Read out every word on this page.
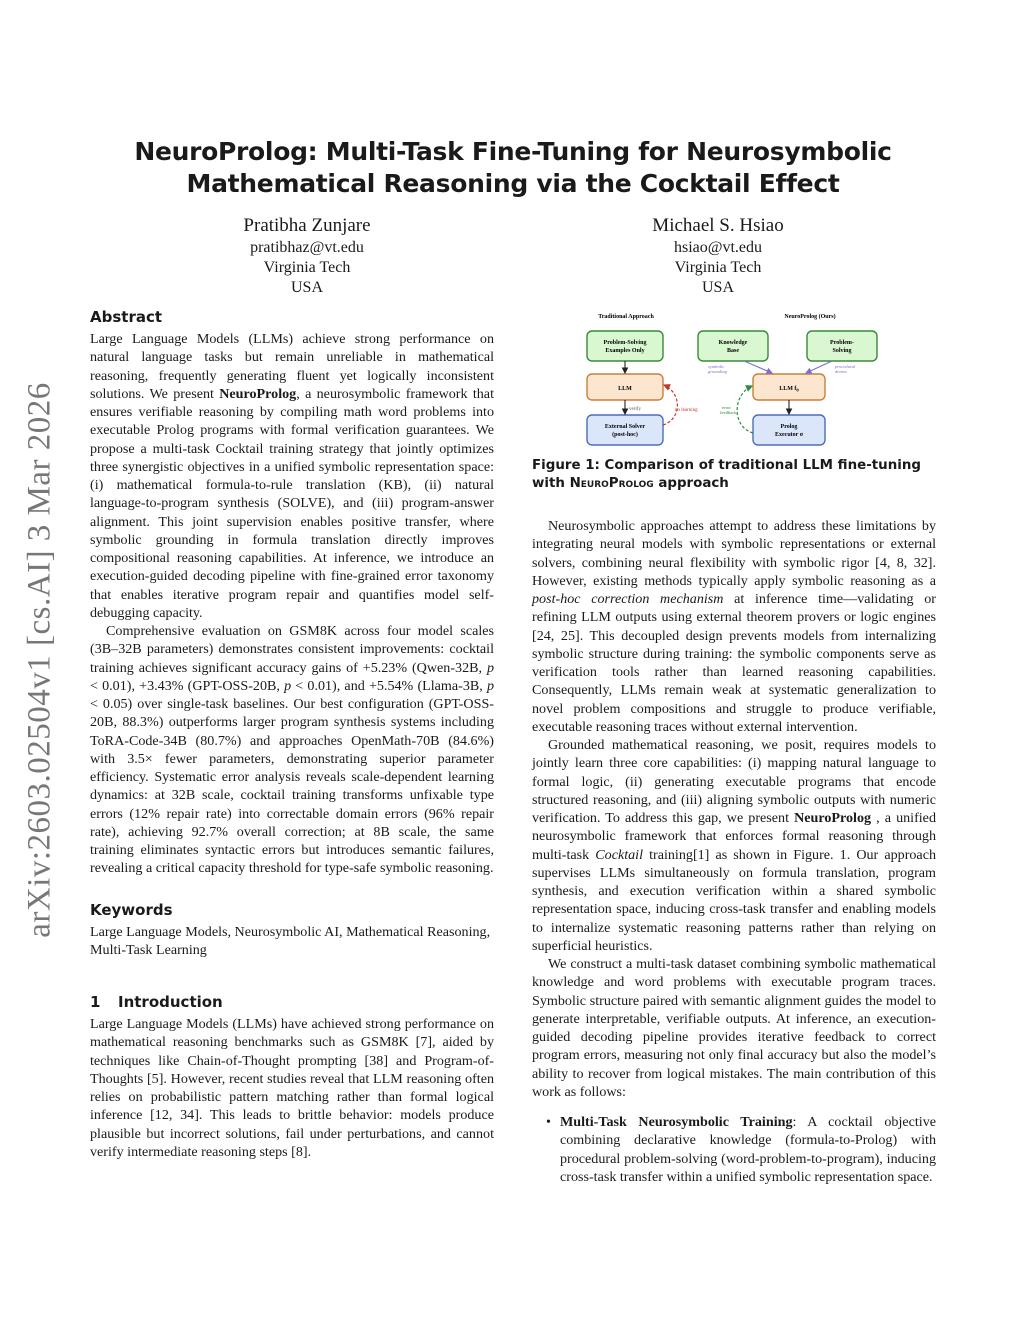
arXiv:2603.02504v1 [cs.AI] 3 Mar 2026
NeuroProlog: Multi-Task Fine-Tuning for Neurosymbolic
Mathematical Reasoning via the Cocktail Effect
Pratibha Zunjare
pratibhaz@vt.edu
Virginia Tech
USA
Michael S. Hsiao
hsiao@vt.edu
Virginia Tech
USA
Abstract

Large Language Models (LLMs) achieve strong performance on natural language tasks but remain unreliable in mathematical reasoning, frequently generating fluent yet logically inconsistent solutions. We present NeuroProlog, a neurosymbolic framework that ensures verifiable reasoning by compiling math word problems into executable Prolog programs with formal verification guarantees. We propose a multi-task Cocktail training strategy that jointly optimizes three synergistic objectives in a unified symbolic representation space: (i) mathematical formula-to-rule translation (KB), (ii) natural language-to-program synthesis (SOLVE), and (iii) program-answer alignment. This joint supervision enables positive transfer, where symbolic grounding in formula translation directly improves compositional reasoning capabilities. At inference, we introduce an execution-guided decoding pipeline with fine-grained error taxonomy that enables iterative program repair and quantifies model self-debugging capacity.

Comprehensive evaluation on GSM8K across four model scales (3B–32B parameters) demonstrates consistent improvements: cocktail training achieves significant accuracy gains of +5.23% (Qwen-32B, p < 0.01), +3.43% (GPT-OSS-20B, p < 0.01), and +5.54% (Llama-3B, p < 0.05) over single-task baselines. Our best configuration (GPT-OSS-20B, 88.3%) outperforms larger program synthesis systems including ToRA-Code-34B (80.7%) and approaches OpenMath-70B (84.6%) with 3.5× fewer parameters, demonstrating superior parameter efficiency. Systematic error analysis reveals scale-dependent learning dynamics: at 32B scale, cocktail training transforms unfixable type errors (12% repair rate) into correctable domain errors (96% repair rate), achieving 92.7% overall correction; at 8B scale, the same training eliminates syntactic errors but introduces semantic failures, revealing a critical capacity threshold for type-safe symbolic reasoning.

Keywords

Large Language Models, Neurosymbolic AI, Mathematical Reasoning, Multi-Task Learning

1 Introduction

Large Language Models (LLMs) have achieved strong performance on mathematical reasoning benchmarks such as GSM8K [7], aided by techniques like Chain-of-Thought prompting [38] and Program-of-Thoughts [5]. However, recent studies reveal that LLM reasoning often relies on probabilistic pattern matching rather than formal logical inference [12, 34]. This leads to brittle behavior: models produce plausible but incorrect solutions, fail under perturbations, and cannot verify intermediate reasoning steps [8].

Traditional Approach	NeuroProlog (Ours)
Problem-Solving
Examples Only
LLM
External Solver
(post-hoc)
verify	no learning
Knowledge
Base
Problem-
Solving
LLM $f_\theta$
Prolog
Executor σ
symbolic
grounding
procedural
demos
error
feedback
Figure 1: Comparison of traditional LLM fine-tuning with NeuroProlog approach

Neurosymbolic approaches attempt to address these limitations by integrating neural models with symbolic representations or external solvers, combining neural flexibility with symbolic rigor [4, 8, 32]. However, existing methods typically apply symbolic reasoning as a post-hoc correction mechanism at inference time—validating or refining LLM outputs using external theorem provers or logic engines [24, 25]. This decoupled design prevents models from internalizing symbolic structure during training: the symbolic components serve as verification tools rather than learned reasoning capabilities. Consequently, LLMs remain weak at systematic generalization to novel problem compositions and struggle to produce verifiable, executable reasoning traces without external intervention.

Grounded mathematical reasoning, we posit, requires models to jointly learn three core capabilities: (i) mapping natural language to formal logic, (ii) generating executable programs that encode structured reasoning, and (iii) aligning symbolic outputs with numeric verification. To address this gap, we present NeuroProlog , a unified neurosymbolic framework that enforces formal reasoning through multi-task Cocktail training[1] as shown in Figure. 1. Our approach supervises LLMs simultaneously on formula translation, program synthesis, and execution verification within a shared symbolic representation space, inducing cross-task transfer and enabling models to internalize systematic reasoning patterns rather than relying on superficial heuristics.

We construct a multi-task dataset combining symbolic mathematical knowledge and word problems with executable program traces. Symbolic structure paired with semantic alignment guides the model to generate interpretable, verifiable outputs. At inference, an execution-guided decoding pipeline provides iterative feedback to correct program errors, measuring not only final accuracy but also the model’s ability to recover from logical mistakes. The main contribution of this work as follows:

• Multi-Task Neurosymbolic Training: A cocktail objective combining declarative knowledge (formula-to-Prolog) with procedural problem-solving (word-problem-to-program), inducing cross-task transfer within a unified symbolic representation space.
